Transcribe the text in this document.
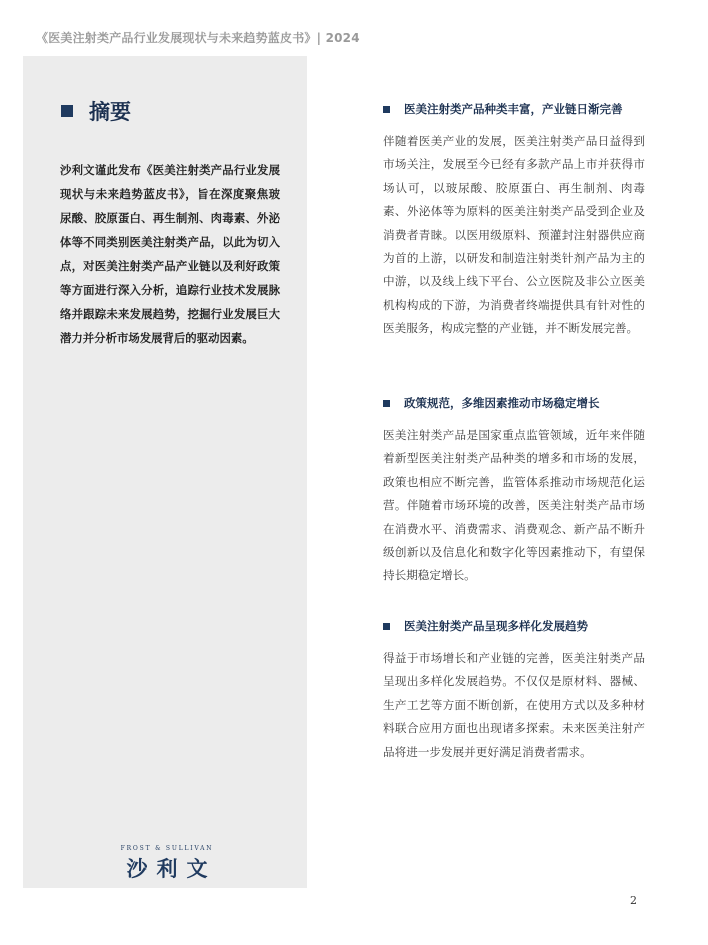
《医美注射类产品行业发展现状与未来趋势蓝皮书》| 2024
摘要
沙利文谨此发布《医美注射类产品行业发展现状与未来趋势蓝皮书》，旨在深度聚焦玻尿酸、胶原蛋白、再生制剂、肉毒素、外泌体等不同类别医美注射类产品，以此为切入点，对医美注射类产品产业链以及利好政策等方面进行深入分析，追踪行业技术发展脉络并跟踪未来发展趋势，挖掘行业发展巨大潜力并分析市场发展背后的驱动因素。
FROST & SULLIVAN
沙利文
医美注射类产品种类丰富，产业链日渐完善
伴随着医美产业的发展，医美注射类产品日益得到市场关注，发展至今已经有多款产品上市并获得市场认可，以玻尿酸、胶原蛋白、再生制剂、肉毒素、外泌体等为原料的医美注射类产品受到企业及消费者青睐。以医用级原料、预灌封注射器供应商为首的上游，以研发和制造注射类针剂产品为主的中游，以及线上线下平台、公立医院及非公立医美机构构成的下游，为消费者终端提供具有针对性的医美服务，构成完整的产业链，并不断发展完善。
政策规范，多维因素推动市场稳定增长
医美注射类产品是国家重点监管领域，近年来伴随着新型医美注射类产品种类的增多和市场的发展，政策也相应不断完善，监管体系推动市场规范化运营。伴随着市场环境的改善，医美注射类产品市场在消费水平、消费需求、消费观念、新产品不断升级创新以及信息化和数字化等因素推动下，有望保持长期稳定增长。
医美注射类产品呈现多样化发展趋势
得益于市场增长和产业链的完善，医美注射类产品呈现出多样化发展趋势。不仅仅是原材料、器械、生产工艺等方面不断创新，在使用方式以及多种材料联合应用方面也出现诸多探索。未来医美注射产品将进一步发展并更好满足消费者需求。
2
